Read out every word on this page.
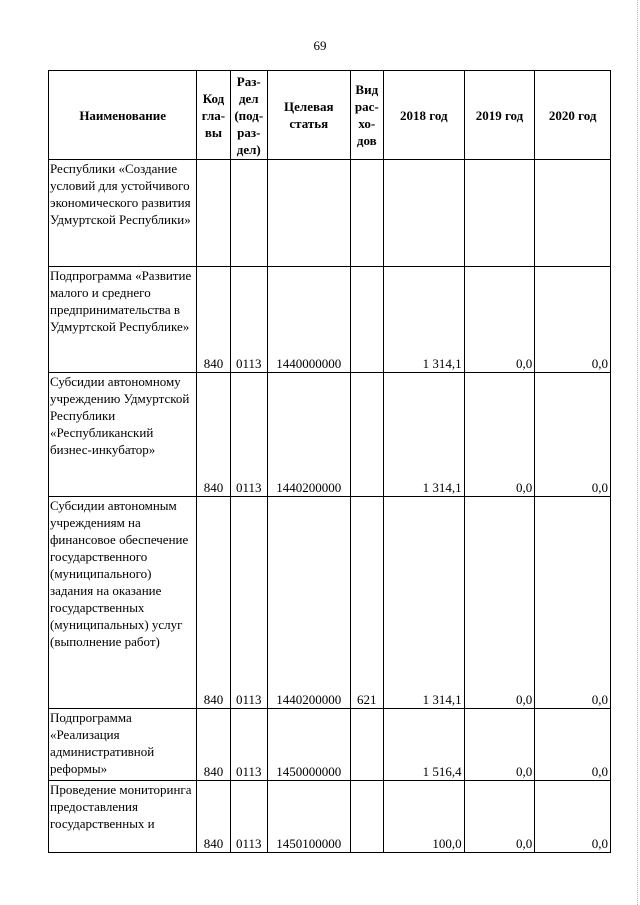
69
Наименование	Код гла-вы	Раз-дел (под-раз-дел)	Целевая статья	Вид рас-хо-дов	2018 год	2019 год	2020 год
Республики «Создание условий для устойчивого экономического развития Удмуртской Республики»							
Подпрограмма «Развитие малого и среднего предпринимательства в Удмуртской Республике»	840	0113	1440000000		1 314,1	0,0	0,0
Субсидии автономному учреждению Удмуртской Республики «Республиканский бизнес-инкубатор»	840	0113	1440200000		1 314,1	0,0	0,0
Субсидии автономным учреждениям на финансовое обеспечение государственного (муниципального) задания на оказание государственных (муниципальных) услуг (выполнение работ)	840	0113	1440200000	621	1 314,1	0,0	0,0
Подпрограмма «Реализация административной реформы»	840	0113	1450000000		1 516,4	0,0	0,0
Проведение мониторинга предоставления государственных и	840	0113	1450100000		100,0	0,0	0,0
